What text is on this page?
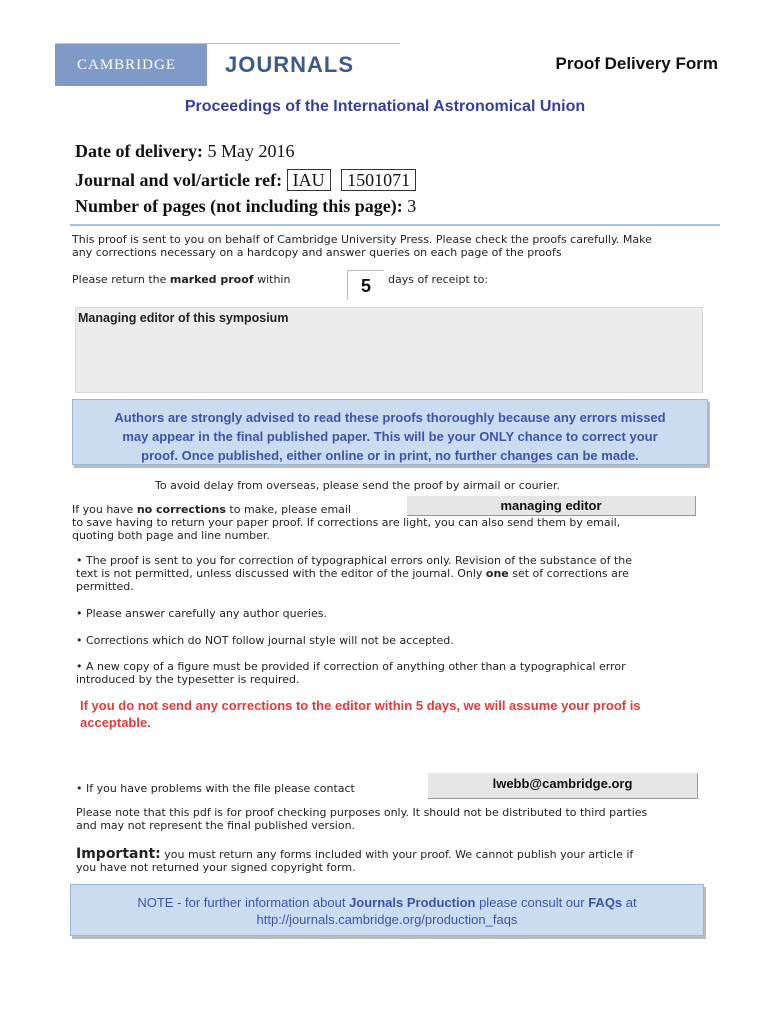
CAMBRIDGE	JOURNALS	Proof Delivery Form
Proceedings of the International Astronomical Union
Date of delivery: 5 May 2016
Journal and vol/article ref: IAU 1501071
Number of pages (not including this page): 3
This proof is sent to you on behalf of Cambridge University Press. Please check the proofs carefully. Make
any corrections necessary on a hardcopy and answer queries on each page of the proofs
Please return the marked proof within	5	days of receipt to:
Managing editor of this symposium
Authors are strongly advised to read these proofs thoroughly because any errors missed
may appear in the final published paper. This will be your ONLY chance to correct your
proof. Once published, either online or in print, no further changes can be made.
To avoid delay from overseas, please send the proof by airmail or courier.
If you have no corrections to make, please email	managing editor
to save having to return your paper proof. If corrections are light, you can also send them by email,
quoting both page and line number.
• The proof is sent to you for correction of typographical errors only. Revision of the substance of the
text is not permitted, unless discussed with the editor of the journal. Only one set of corrections are
permitted.
• Please answer carefully any author queries.
• Corrections which do NOT follow journal style will not be accepted.
• A new copy of a figure must be provided if correction of anything other than a typographical error
introduced by the typesetter is required.
If you do not send any corrections to the editor within 5 days, we will assume your proof is
acceptable.
• If you have problems with the file please contact	lwebb@cambridge.org
Please note that this pdf is for proof checking purposes only. It should not be distributed to third parties
and may not represent the final published version.
Important: you must return any forms included with your proof. We cannot publish your article if
you have not returned your signed copyright form.
NOTE - for further information about Journals Production please consult our FAQs at
http://journals.cambridge.org/production_faqs
